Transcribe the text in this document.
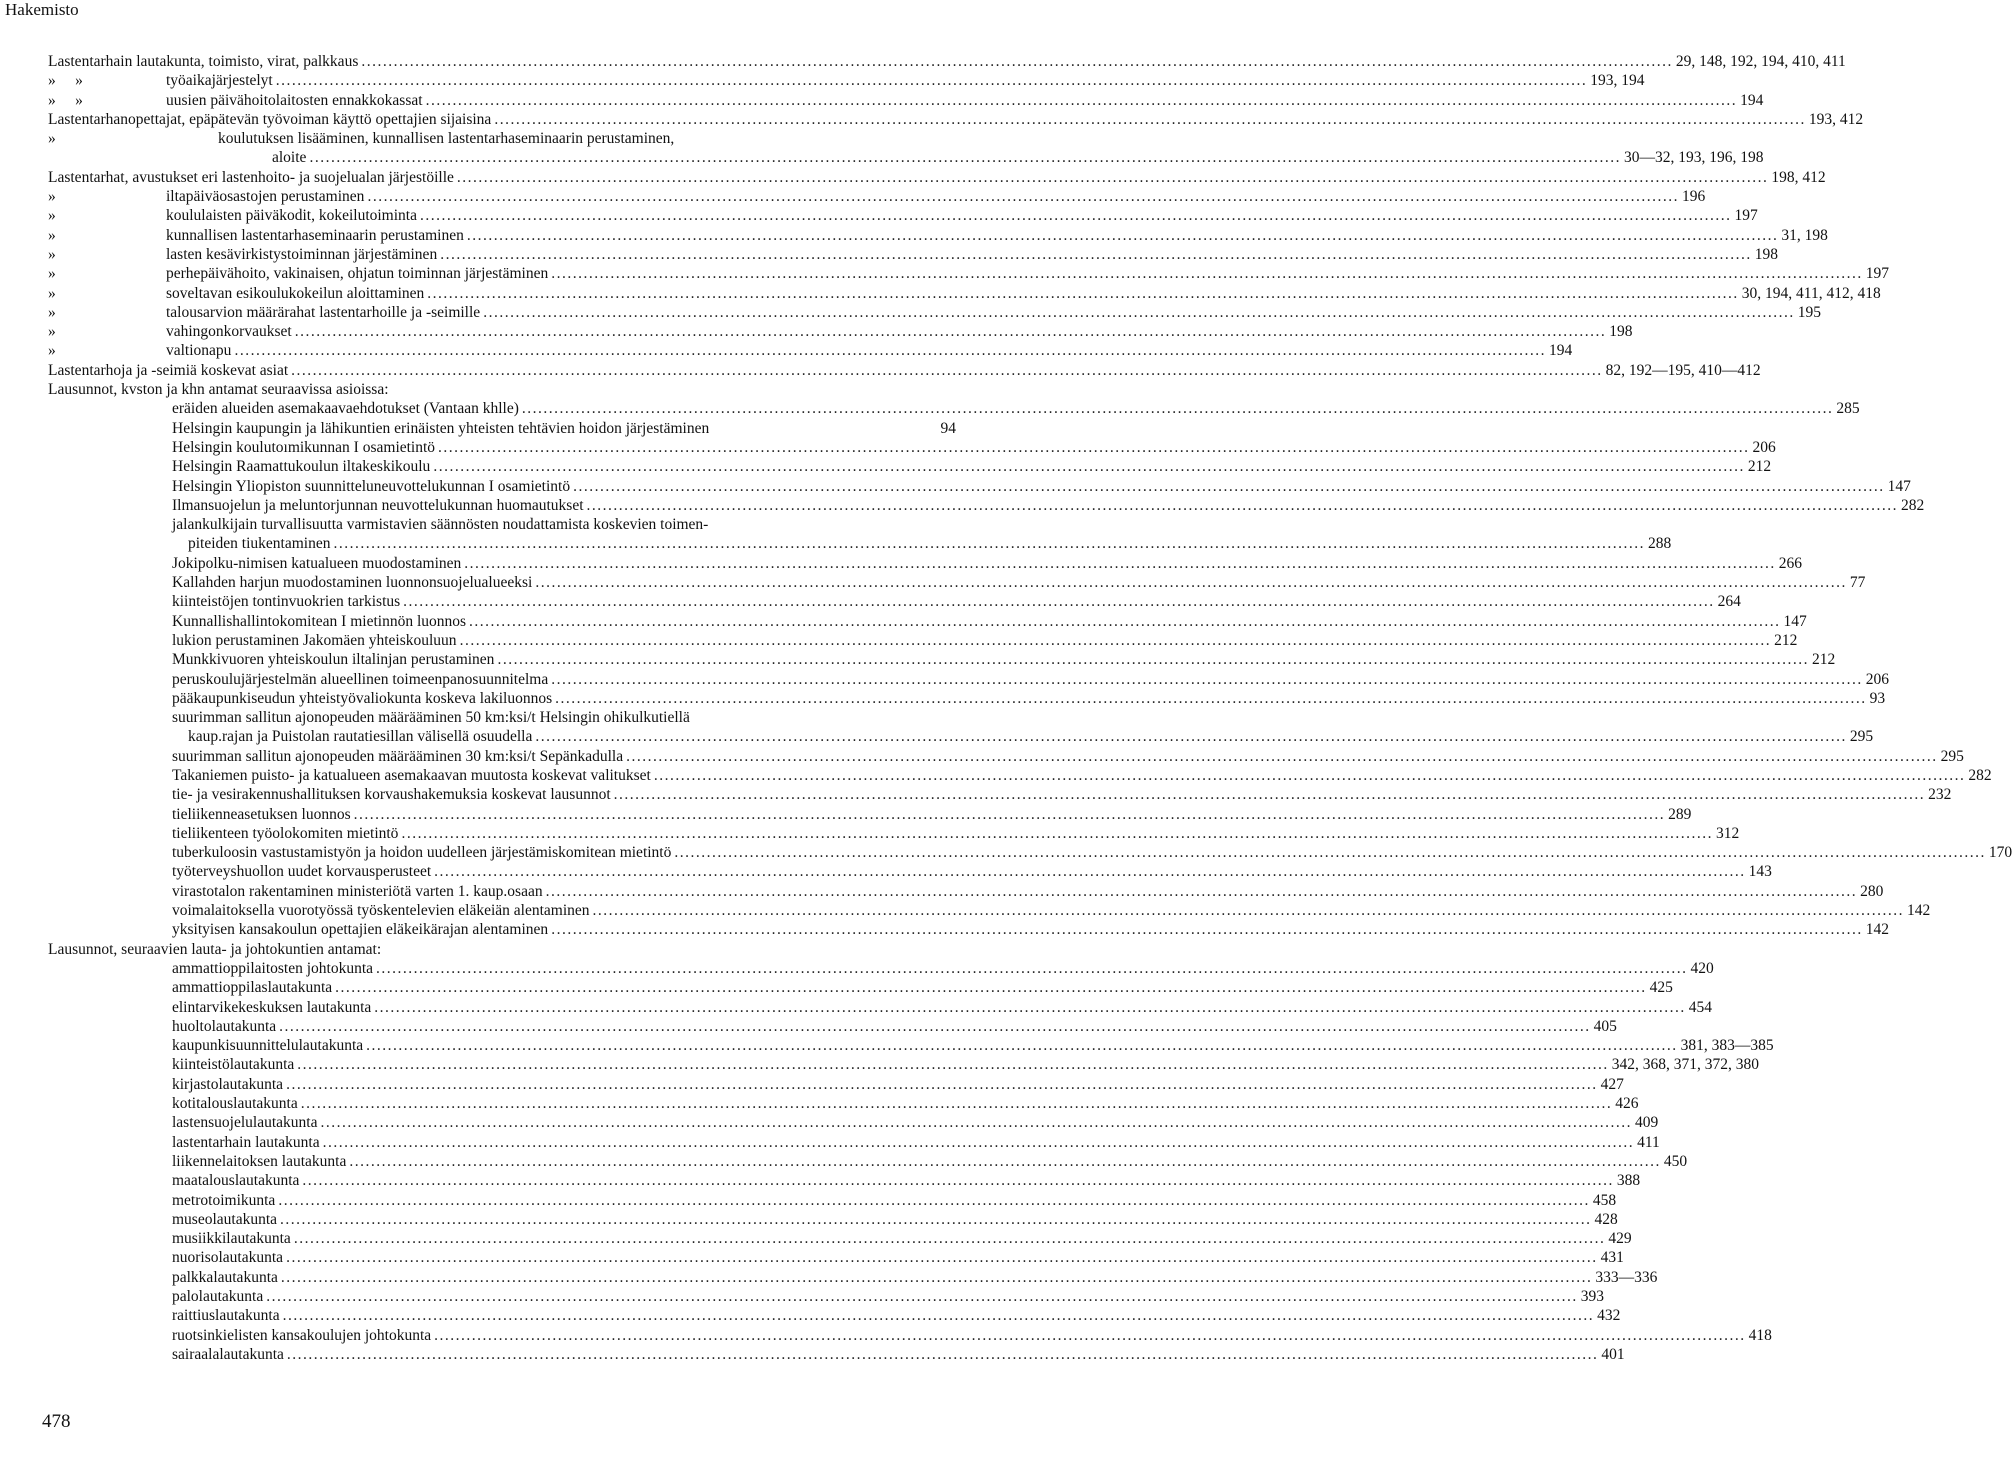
Hakemisto
Lastentarhain lautakunta, toimisto, virat, palkkaus .....	29, 148, 192, 194, 410, 411
»     »	työaikajärjestelyt .....	193, 194
»     »	uusien päivähoitolaitosten ennakkokassat .....	194
Lastentarhanopettajat, epäpätevän työvoiman käyttö opettajien sijaisina .....	193, 412
»	koulutuksen lisääminen, kunnallisen lastentarhaseminaarin perustaminen,
aloite .....	30—32, 193, 196, 198
Lastentarhat, avustukset eri lastenhoito- ja suojelualan järjestöille .....	198, 412
»	iltapäiväosastojen perustaminen .....	196
»	koululaisten päiväkodit, kokeilutoiminta .....	197
»	kunnallisen lastentarhaseminaarin perustaminen .....	31, 198
»	lasten kesävirkistystoiminnan järjestäminen .....	198
»	perhepäivähoito, vakinaisen, ohjatun toiminnan järjestäminen .....	197
»	soveltavan esikoulukokeilun aloittaminen .....	30, 194, 411, 412, 418
»	talousarvion määrärahat lastentarhoille ja -seimille .....	195
»	vahingonkorvaukset .....	198
»	valtionapu .....	194
Lastentarhoja ja -seimiä koskevat asiat .....	82, 192—195, 410—412
Lausunnot, kvston ja khn antamat seuraavissa asioissa:
eräiden alueiden asemakaavaehdotukset (Vantaan khlle) .....	285
Helsingin kaupungin ja lähikuntien erinäisten yhteisten tehtävien hoidon järjestäminen	94
Helsingin koulutoımikunnan I osamietintö .....	206
Helsingin Raamattukoulun iltakeskikoulu .....	212
Helsingin Yliopiston suunnitteluneuvottelukunnan I osamietintö .....	147
Ilmansuojelun ja meluntorjunnan neuvottelukunnan huomautukset .....	282
jalankulkijain turvallisuutta varmistavien säännösten noudattamista koskevien toimen-
piteiden tiukentaminen .....	288
Jokipolku-nimisen katualueen muodostaminen .....	266
Kallahden harjun muodostaminen luonnonsuojelualueeksi .....	77
kiinteistöjen tontinvuokrien tarkistus .....	264
Kunnallishallintokomitean I mietinnön luonnos .....	147
lukion perustaminen Jakomäen yhteiskouluun .....	212
Munkkivuoren yhteiskoulun iltalinjan perustaminen .....	212
peruskoulujärjestelmän alueellinen toimeenpanosuunnitelma .....	206
pääkaupunkiseudun yhteistyövaliokunta koskeva lakiluonnos .....	93
suurimman sallitun ajonopeuden määrääminen 50 km:ksi/t Helsingin ohikulkutiellä
kaup.rajan ja Puistolan rautatiesillan välisellä osuudella .....	295
suurimman sallitun ajonopeuden määrääminen 30 km:ksi/t Sepänkadulla .....	295
Takaniemen puisto- ja katualueen asemakaavan muutosta koskevat valitukset .....	282
tie- ja vesirakennushallituksen korvaushakemuksia koskevat lausunnot .....	232
tieliikenneasetuksen luonnos .....	289
tieliikenteen työolokomiten mietintö .....	312
tuberkuloosin vastustamistyön ja hoidon uudelleen järjestämiskomitean mietintö .....	170
työterveyshuollon uudet korvausperusteet .....	143
virastotalon rakentaminen ministeriötä varten 1. kaup.osaan .....	280
voimalaitoksella vuorotyössä työskentelevien eläkeiän alentaminen .....	142
yksityisen kansakoulun opettajien eläkeikärajan alentaminen .....	142
Lausunnot, seuraavien lauta- ja johtokuntien antamat:
ammattioppilaitosten johtokunta .....	420
ammattioppilaslautakunta .....	425
elintarvikekeskuksen lautakunta .....	454
huoltolautakunta .....	405
kaupunkisuunnittelulautakunta .....	381, 383—385
kiinteistölautakunta .....	342, 368, 371, 372, 380
kirjastolautakunta .....	427
kotitalouslautakunta .....	426
lastensuojelulautakunta .....	409
lastentarhain lautakunta .....	411
liikennelaitoksen lautakunta .....	450
maatalouslautakunta .....	388
metrotoimikunta .....	458
museolautakunta .....	428
musiikkilautakunta .....	429
nuorisolautakunta .....	431
palkkalautakunta .....	333—336
palolautakunta .....	393
raittiuslautakunta .....	432
ruotsinkielisten kansakoulujen johtokunta .....	418
sairaalalautakunta .....	401
478
